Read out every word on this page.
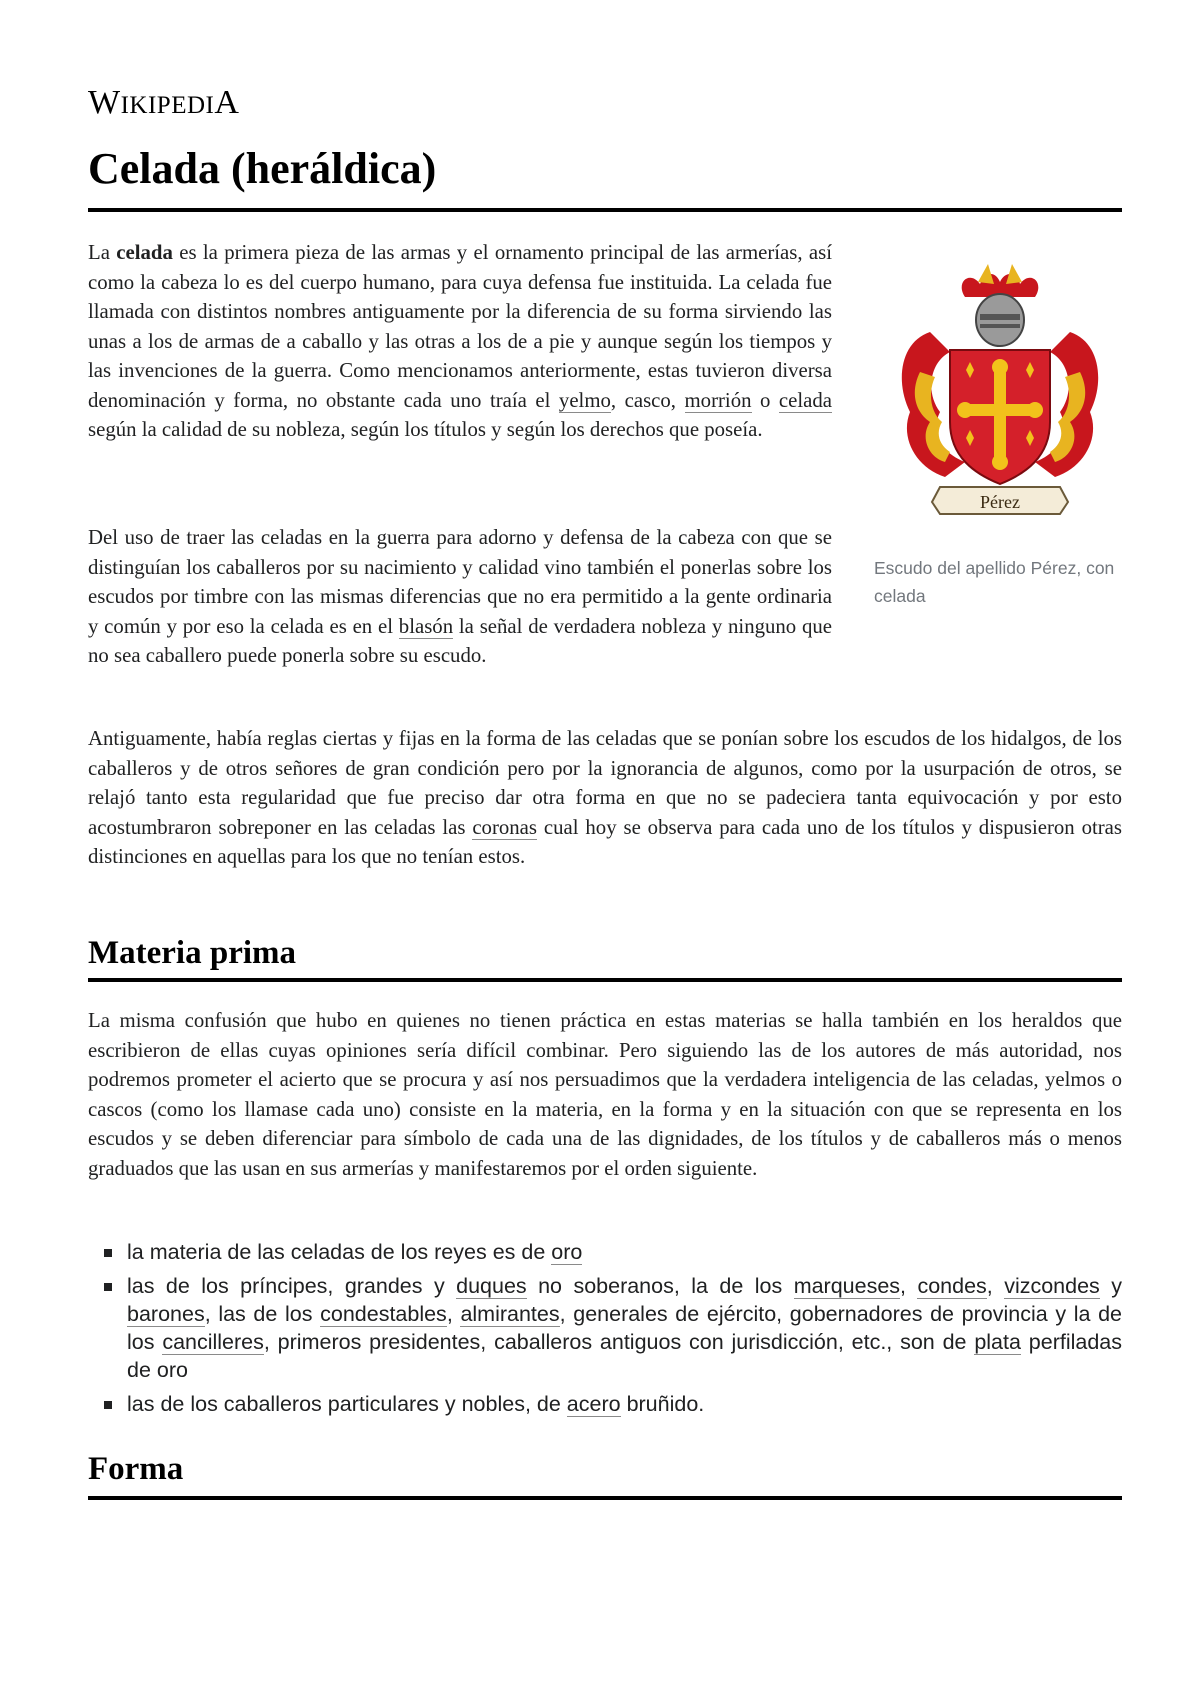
WIKIPEDIA
Celada (heráldica)

La celada es la primera pieza de las armas y el ornamento principal de las armerías, así como la cabeza lo es del cuerpo humano, para cuya defensa fue instituida. La celada fue llamada con distintos nombres antiguamente por la diferencia de su forma sirviendo las unas a los de armas de a caballo y las otras a los de a pie y aunque según los tiempos y las invenciones de la guerra. Como mencionamos anteriormente, estas tuvieron diversa denominación y forma, no obstante cada uno traía el yelmo, casco, morrión o celada según la calidad de su nobleza, según los títulos y según los derechos que poseía.

Del uso de traer las celadas en la guerra para adorno y defensa de la cabeza con que se distinguían los caballeros por su nacimiento y calidad vino también el ponerlas sobre los escudos por timbre con las mismas diferencias que no era permitido a la gente ordinaria y común y por eso la celada es en el blasón la señal de verdadera nobleza y ninguno que no sea caballero puede ponerla sobre su escudo.

Pérez
Escudo del apellido Pérez, con celada

Antiguamente, había reglas ciertas y fijas en la forma de las celadas que se ponían sobre los escudos de los hidalgos, de los caballeros y de otros señores de gran condición pero por la ignorancia de algunos, como por la usurpación de otros, se relajó tanto esta regularidad que fue preciso dar otra forma en que no se padeciera tanta equivocación y por esto acostumbraron sobreponer en las celadas las coronas cual hoy se observa para cada uno de los títulos y dispusieron otras distinciones en aquellas para los que no tenían estos.

Materia prima

La misma confusión que hubo en quienes no tienen práctica en estas materias se halla también en los heraldos que escribieron de ellas cuyas opiniones sería difícil combinar. Pero siguiendo las de los autores de más autoridad, nos podremos prometer el acierto que se procura y así nos persuadimos que la verdadera inteligencia de las celadas, yelmos o cascos (como los llamase cada uno) consiste en la materia, en la forma y en la situación con que se representa en los escudos y se deben diferenciar para símbolo de cada una de las dignidades, de los títulos y de caballeros más o menos graduados que las usan en sus armerías y manifestaremos por el orden siguiente.

la materia de las celadas de los reyes es de oro
las de los príncipes, grandes y duques no soberanos, la de los marqueses, condes, vizcondes y barones, las de los condestables, almirantes, generales de ejército, gobernadores de provincia y la de los cancilleres, primeros presidentes, caballeros antiguos con jurisdicción, etc., son de plata perfiladas de oro
las de los caballeros particulares y nobles, de acero bruñido.
Forma
